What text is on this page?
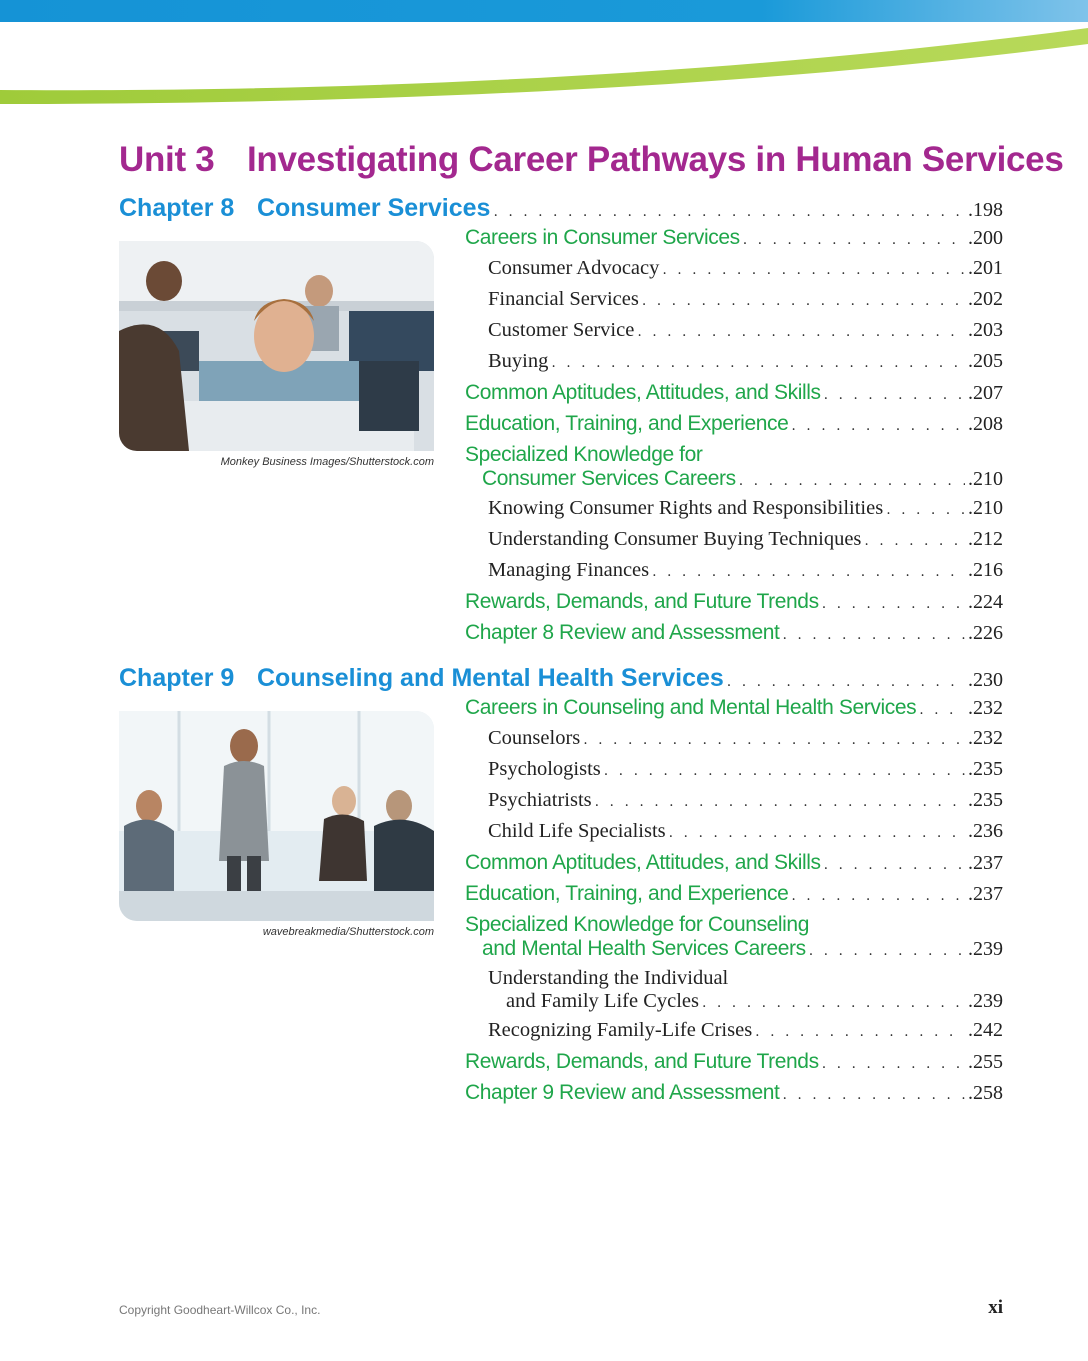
Unit 3 Investigating Career Pathways in Human Services
Chapter 8 Consumer Services . . .	.198
Monkey Business Images/Shutterstock.com
Careers in Consumer Services . . .	.200
Consumer Advocacy . . .	.201
Financial Services . . .	.202
Customer Service . . .	.203
Buying . . .	.205
Common Aptitudes, Attitudes, and Skills . . .	.207
Education, Training, and Experience . . .	.208
Specialized Knowledge for
Consumer Services Careers . . .	.210
Knowing Consumer Rights and Responsibilities . . .	.210
Understanding Consumer Buying Techniques . . .	.212
Managing Finances . . .	.216
Rewards, Demands, and Future Trends . . .	.224
Chapter 8 Review and Assessment . . .	.226
Chapter 9 Counseling and Mental Health Services . . .	.230
wavebreakmedia/Shutterstock.com
Careers in Counseling and Mental Health Services . . .	.232
Counselors . . .	.232
Psychologists . . .	.235
Psychiatrists . . .	.235
Child Life Specialists . . .	.236
Common Aptitudes, Attitudes, and Skills . . .	.237
Education, Training, and Experience . . .	.237
Specialized Knowledge for Counseling
and Mental Health Services Careers . . .	.239
Understanding the Individual
and Family Life Cycles . . .	.239
Recognizing Family-Life Crises . . .	.242
Rewards, Demands, and Future Trends . . .	.255
Chapter 9 Review and Assessment . . .	.258
Copyright Goodheart-Willcox Co., Inc.	xi
